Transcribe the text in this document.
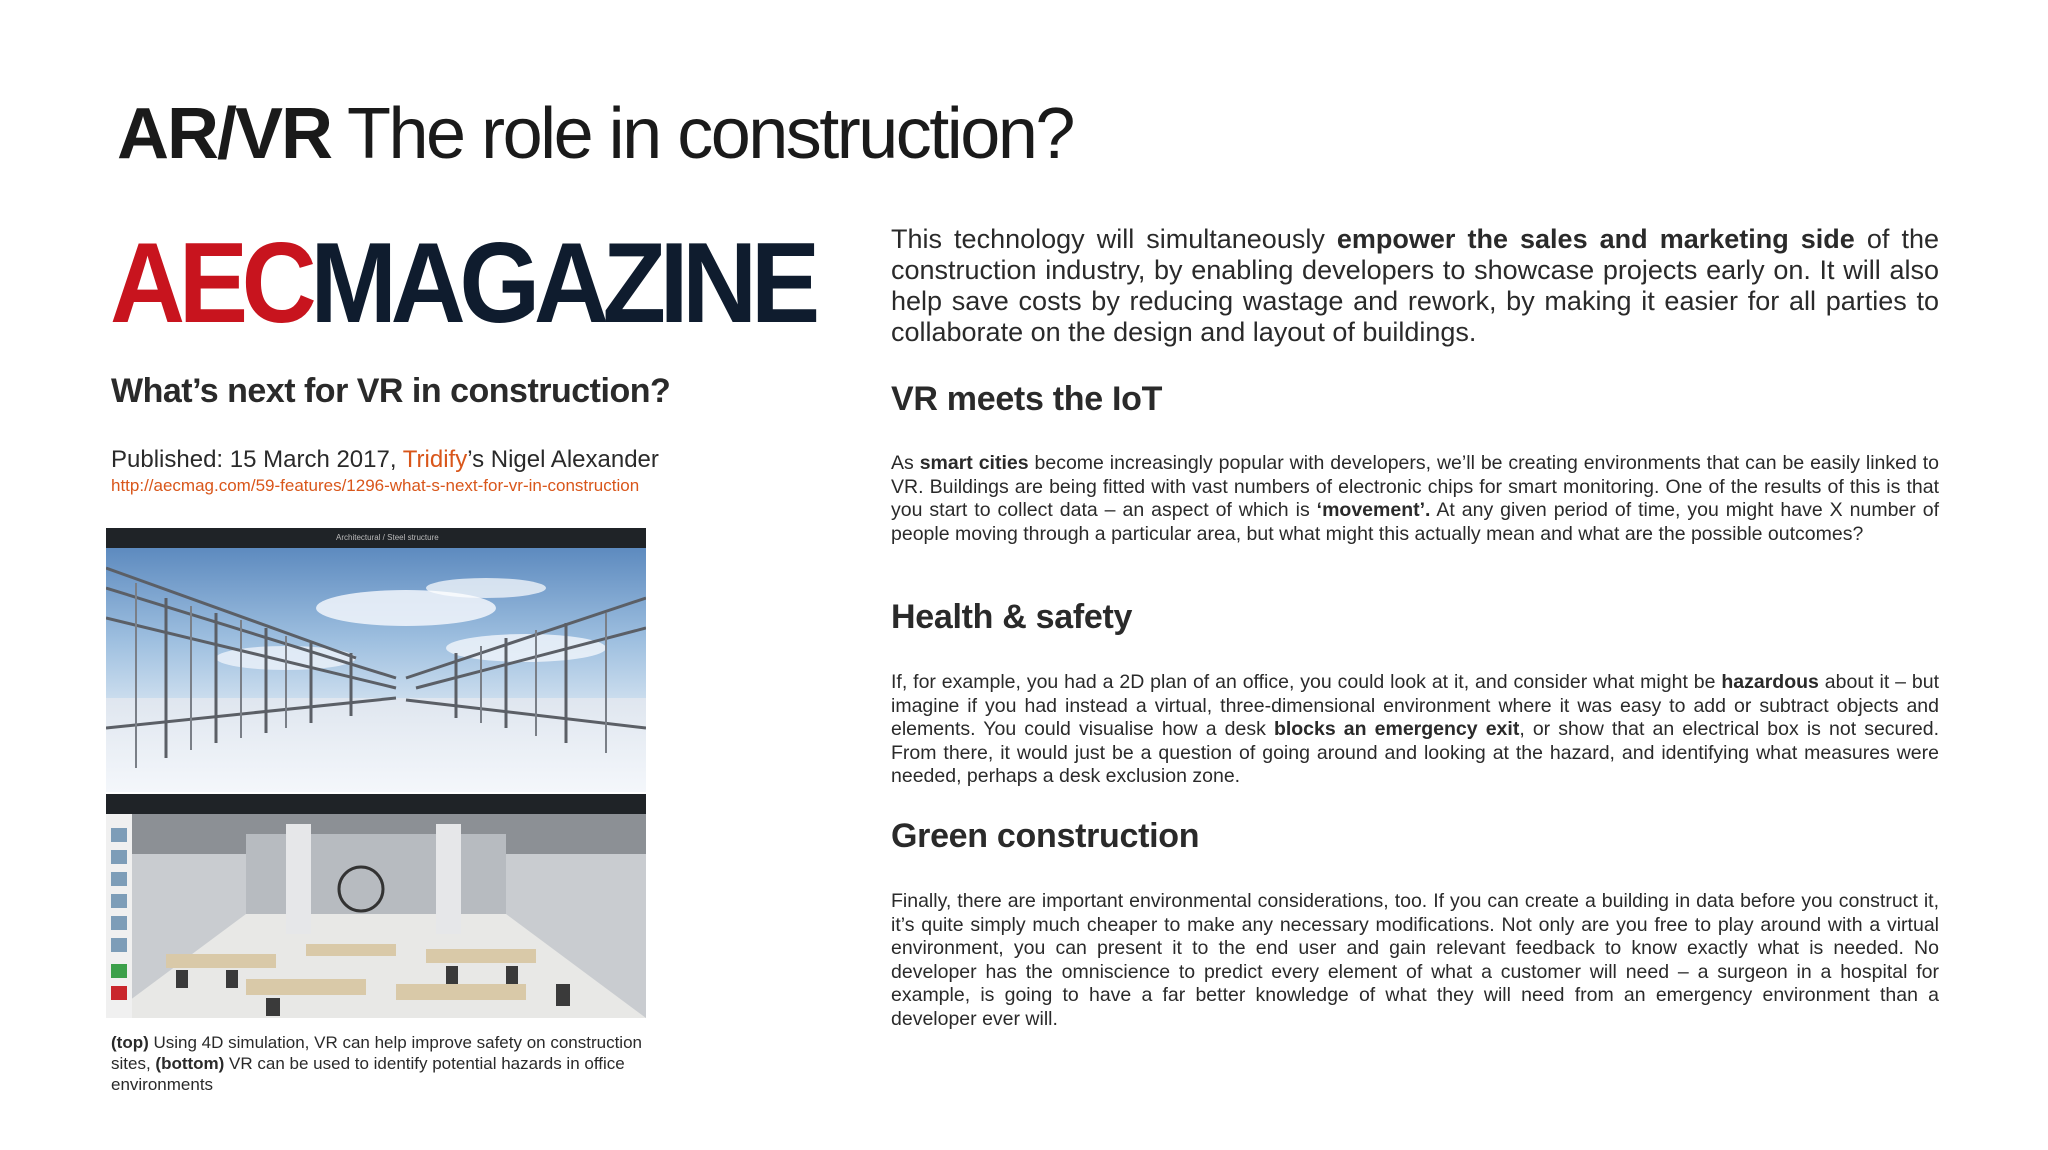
AR/VR The role in construction?
AECMAGAZINE
What’s next for VR in construction?
Published: 15 March 2017, Tridify’s Nigel Alexander
http://aecmag.com/59-features/1296-what-s-next-for-vr-in-construction
Architectural / Steel structure
(top) Using 4D simulation, VR can help improve safety on construction sites, (bottom) VR can be used to identify potential hazards in office environments
This technology will simultaneously empower the sales and marketing side of the construction industry, by enabling developers to showcase projects early on. It will also help save costs by reducing wastage and rework, by making it easier for all parties to collaborate on the design and layout of buildings.
VR meets the IoT
As smart cities become increasingly popular with developers, we’ll be creating environments that can be easily linked to VR. Buildings are being fitted with vast numbers of electronic chips for smart monitoring. One of the results of this is that you start to collect data – an aspect of which is ‘movement’. At any given period of time, you might have X number of people moving through a particular area, but what might this actually mean and what are the possible outcomes?
Health & safety
If, for example, you had a 2D plan of an office, you could look at it, and consider what might be hazardous about it – but imagine if you had instead a virtual, three-dimensional environment where it was easy to add or subtract objects and elements. You could visualise how a desk blocks an emergency exit, or show that an electrical box is not secured. From there, it would just be a question of going around and looking at the hazard, and identifying what measures were needed, perhaps a desk exclusion zone.
Green construction
Finally, there are important environmental considerations, too. If you can create a building in data before you construct it, it’s quite simply much cheaper to make any necessary modifications. Not only are you free to play around with a virtual environment, you can present it to the end user and gain relevant feedback to know exactly what is needed. No developer has the omniscience to predict every element of what a customer will need – a surgeon in a hospital for example, is going to have a far better knowledge of what they will need from an emergency environment than a developer ever will.
